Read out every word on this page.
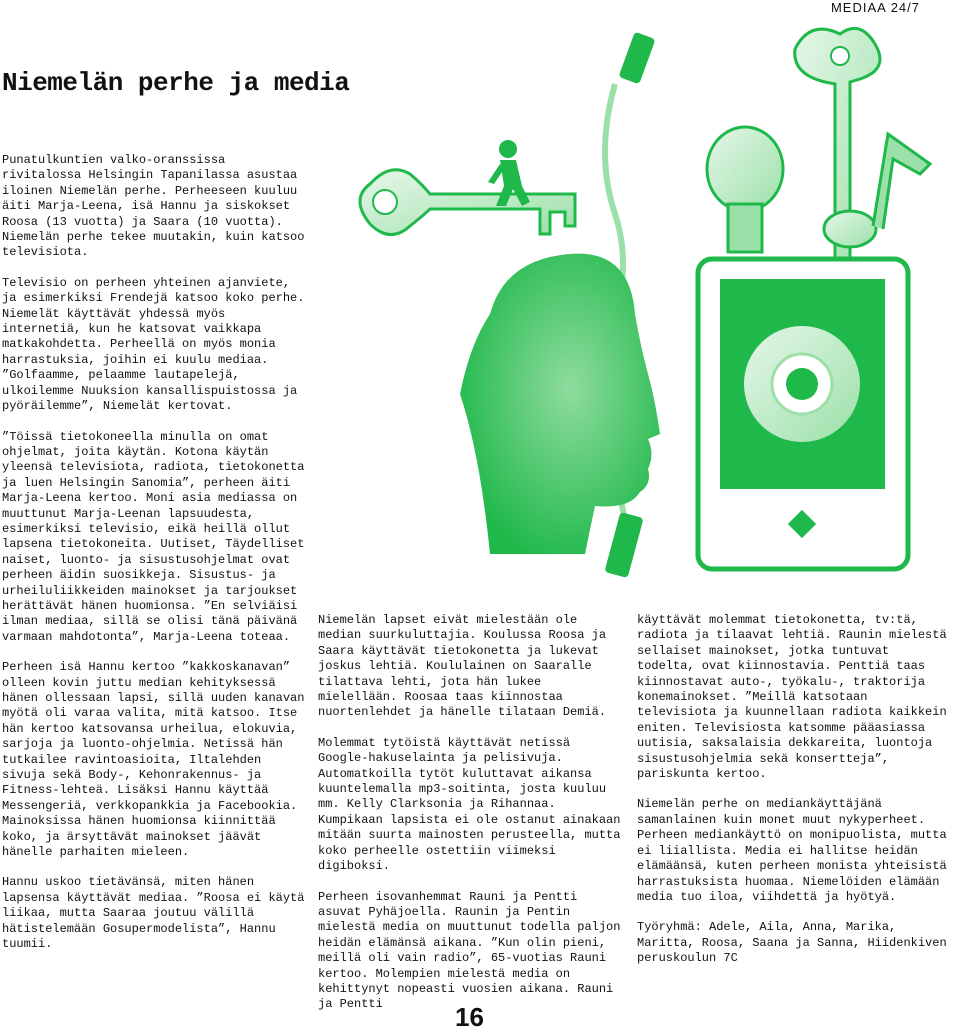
MEDIAA 24/7
Niemelän perhe ja media

Punatulkuntien valko-oranssissa rivitalossa Helsingin Tapanilassa asustaa iloinen Niemelän perhe. Perheeseen kuuluu äiti Marja-Leena, isä Hannu ja siskokset Roosa (13 vuotta) ja Saara (10 vuotta). Niemelän perhe tekee muutakin, kuin katsoo televisiota.

Televisio on perheen yhteinen ajanviete, ja esimerkiksi Frendejä katsoo koko perhe. Niemelät käyttävät yhdessä myös internetiä, kun he katsovat vaikkapa matkakohdetta. Perheellä on myös monia harrastuksia, joihin ei kuulu mediaa. ”Golfaamme, pelaamme lautapelejä, ulkoilemme Nuuksion kansallispuistossa ja pyöräilemme”, Niemelät kertovat.

”Töissä tietokoneella minulla on omat ohjelmat, joita käytän. Kotona käytän yleensä televisiota, radiota, tietokonetta ja luen Helsingin Sanomia”, perheen äiti Marja-Leena kertoo. Moni asia mediassa on muuttunut Marja-Leenan lapsuudesta, esimerkiksi televisio, eikä heillä ollut lapsena tietokoneita. Uutiset, Täydelliset naiset, luonto- ja sisustusohjelmat ovat perheen äidin suosikkeja. Sisustus- ja urheiluliikkeiden mainokset ja tarjoukset herättävät hänen huomionsa. ”En selviäisi ilman mediaa, sillä se olisi tänä päivänä varmaan mahdotonta”, Marja-Leena toteaa.

Perheen isä Hannu kertoo ”kakkoskanavan” olleen kovin juttu median kehityksessä hänen ollessaan lapsi, sillä uuden kanavan myötä oli varaa valita, mitä katsoo. Itse hän kertoo katsovansa urheilua, elokuvia, sarjoja ja luonto-ohjelmia. Netissä hän tutkailee ravintoasioita, Iltalehden sivuja sekä Body-, Kehonrakennus- ja Fitness-lehteä. Lisäksi Hannu käyttää Messengeriä, verkkopankkia ja Facebookia. Mainoksissa hänen huomionsa kiinnittää koko, ja ärsyttävät mainokset jäävät hänelle parhaiten mieleen.

Hannu uskoo tietävänsä, miten hänen lapsensa käyttävät mediaa. ”Roosa ei käytä liikaa, mutta Saaraa joutuu välillä hätistelemään Gosupermodelista”, Hannu tuumii.

Niemelän lapset eivät mielestään ole median suurkuluttajia. Koulussa Roosa ja Saara käyttävät tietokonetta ja lukevat joskus lehtiä. Koululainen on Saaralle tilattava lehti, jota hän lukee mielellään. Roosaa taas kiinnostaa nuortenlehdet ja hänelle tilataan Demiä.

Molemmat tytöistä käyttävät netissä Google-hakuselainta ja pelisivuja. Automatkoilla tytöt kuluttavat aikansa kuuntelemalla mp3-soitinta, josta kuuluu mm. Kelly Clarksonia ja Rihannaa. Kumpikaan lapsista ei ole ostanut ainakaan mitään suurta mainosten perusteella, mutta koko perheelle ostettiin viimeksi digiboksi.

Perheen isovanhemmat Rauni ja Pentti asuvat Pyhäjoella. Raunin ja Pentin mielestä media on muuttunut todella paljon heidän elämänsä aikana. ”Kun olin pieni, meillä oli vain radio”, 65-vuotias Rauni kertoo. Molempien mielestä media on kehittynyt nopeasti vuosien aikana. Rauni ja Pentti

käyttävät molemmat tietokonetta, tv:tä, radiota ja tilaavat lehtiä. Raunin mielestä sellaiset mainokset, jotka tuntuvat todelta, ovat kiinnostavia. Penttiä taas kiinnostavat auto-, työkalu-, traktorija konemainokset. ”Meillä katsotaan televisiota ja kuunnellaan radiota kaikkein eniten. Televisiosta katsomme pääasiassa uutisia, saksalaisia dekkareita, luontoja sisustusohjelmia sekä konsertteja”, pariskunta kertoo.

Niemelän perhe on mediankäyttäjänä samanlainen kuin monet muut nykyperheet. Perheen mediankäyttö on monipuolista, mutta ei liiallista. Media ei hallitse heidän elämäänsä, kuten perheen monista yhteisistä harrastuksista huomaa. Niemelöiden elämään media tuo iloa, viihdettä ja hyötyä.

Työryhmä: Adele, Aila, Anna, Marika, Maritta, Roosa, Saana ja Sanna, Hiidenkiven peruskoulun 7C

16
